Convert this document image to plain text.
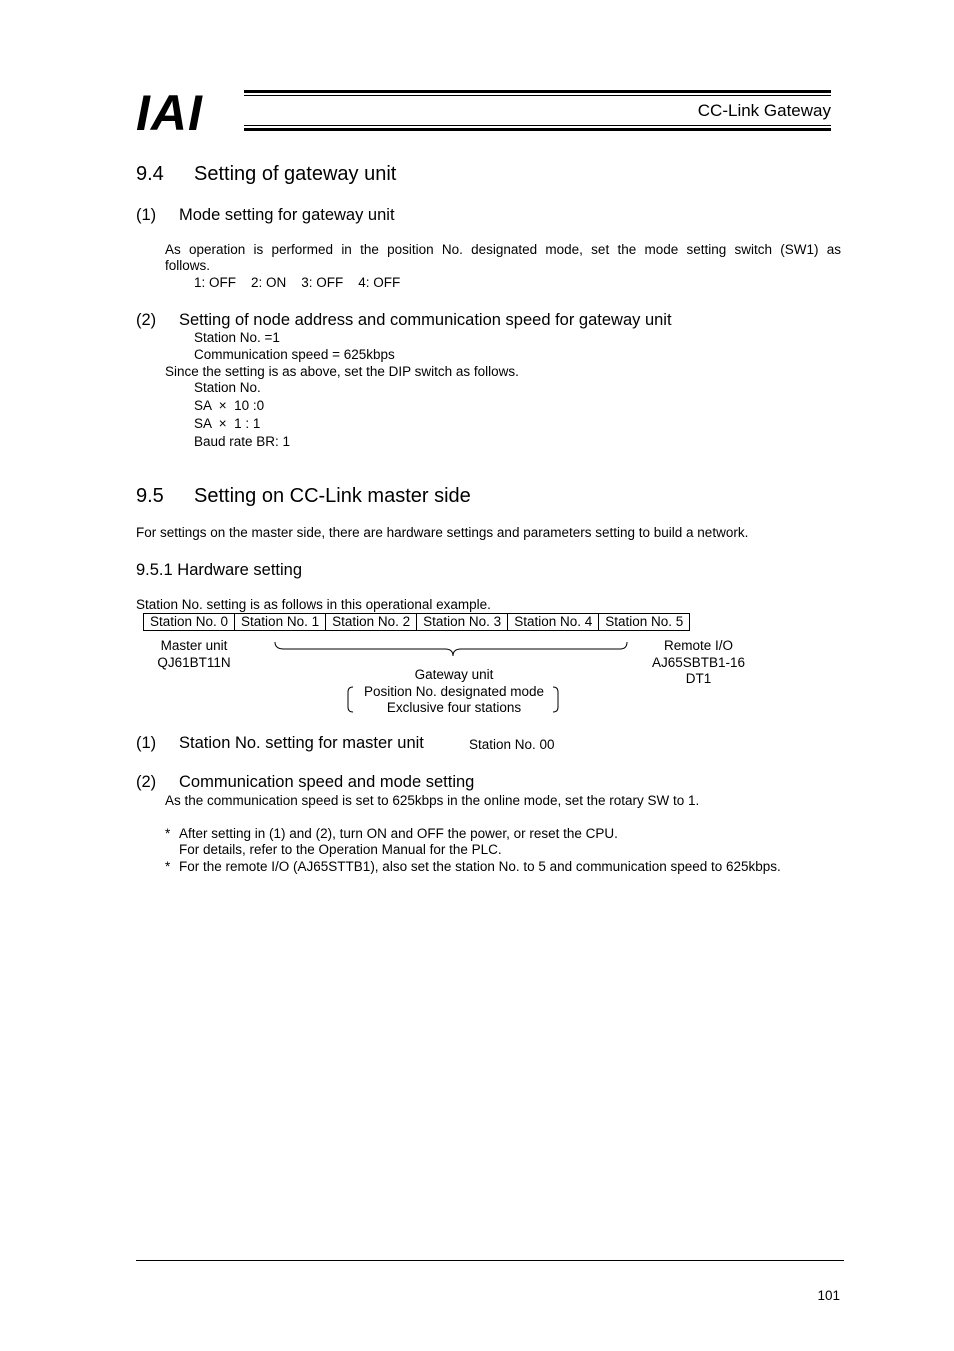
IAI	CC-Link Gateway
9.4 Setting of gateway unit
(1) Mode setting for gateway unit
As operation is performed in the position No. designated mode, set the mode setting switch (SW1) as
follows.
1: OFF    2: ON    3: OFF    4: OFF
(2) Setting of node address and communication speed for gateway unit
Station No. =1
Communication speed = 625kbps
Since the setting is as above, set the DIP switch as follows.
Station No.
SA  ×  10 :0
SA  ×  1 : 1
Baud rate BR: 1
9.5 Setting on CC-Link master side
For settings on the master side, there are hardware settings and parameters setting to build a network.
9.5.1 Hardware setting
Station No. setting is as follows in this operational example.
Station No. 0	Station No. 1	Station No. 2	Station No. 3	Station No. 4	Station No. 5
Master unit
QJ61BT11N
Gateway unit
Position No. designated mode
Exclusive four stations
Remote I/O
AJ65SBTB1-16
DT1
(1) Station No. setting for master unit	Station No. 00
(2) Communication speed and mode setting
As the communication speed is set to 625kbps in the online mode, set the rotary SW to 1.
* After setting in (1) and (2), turn ON and OFF the power, or reset the CPU.
For details, refer to the Operation Manual for the PLC.
* For the remote I/O (AJ65STTB1), also set the station No. to 5 and communication speed to 625kbps.
101
